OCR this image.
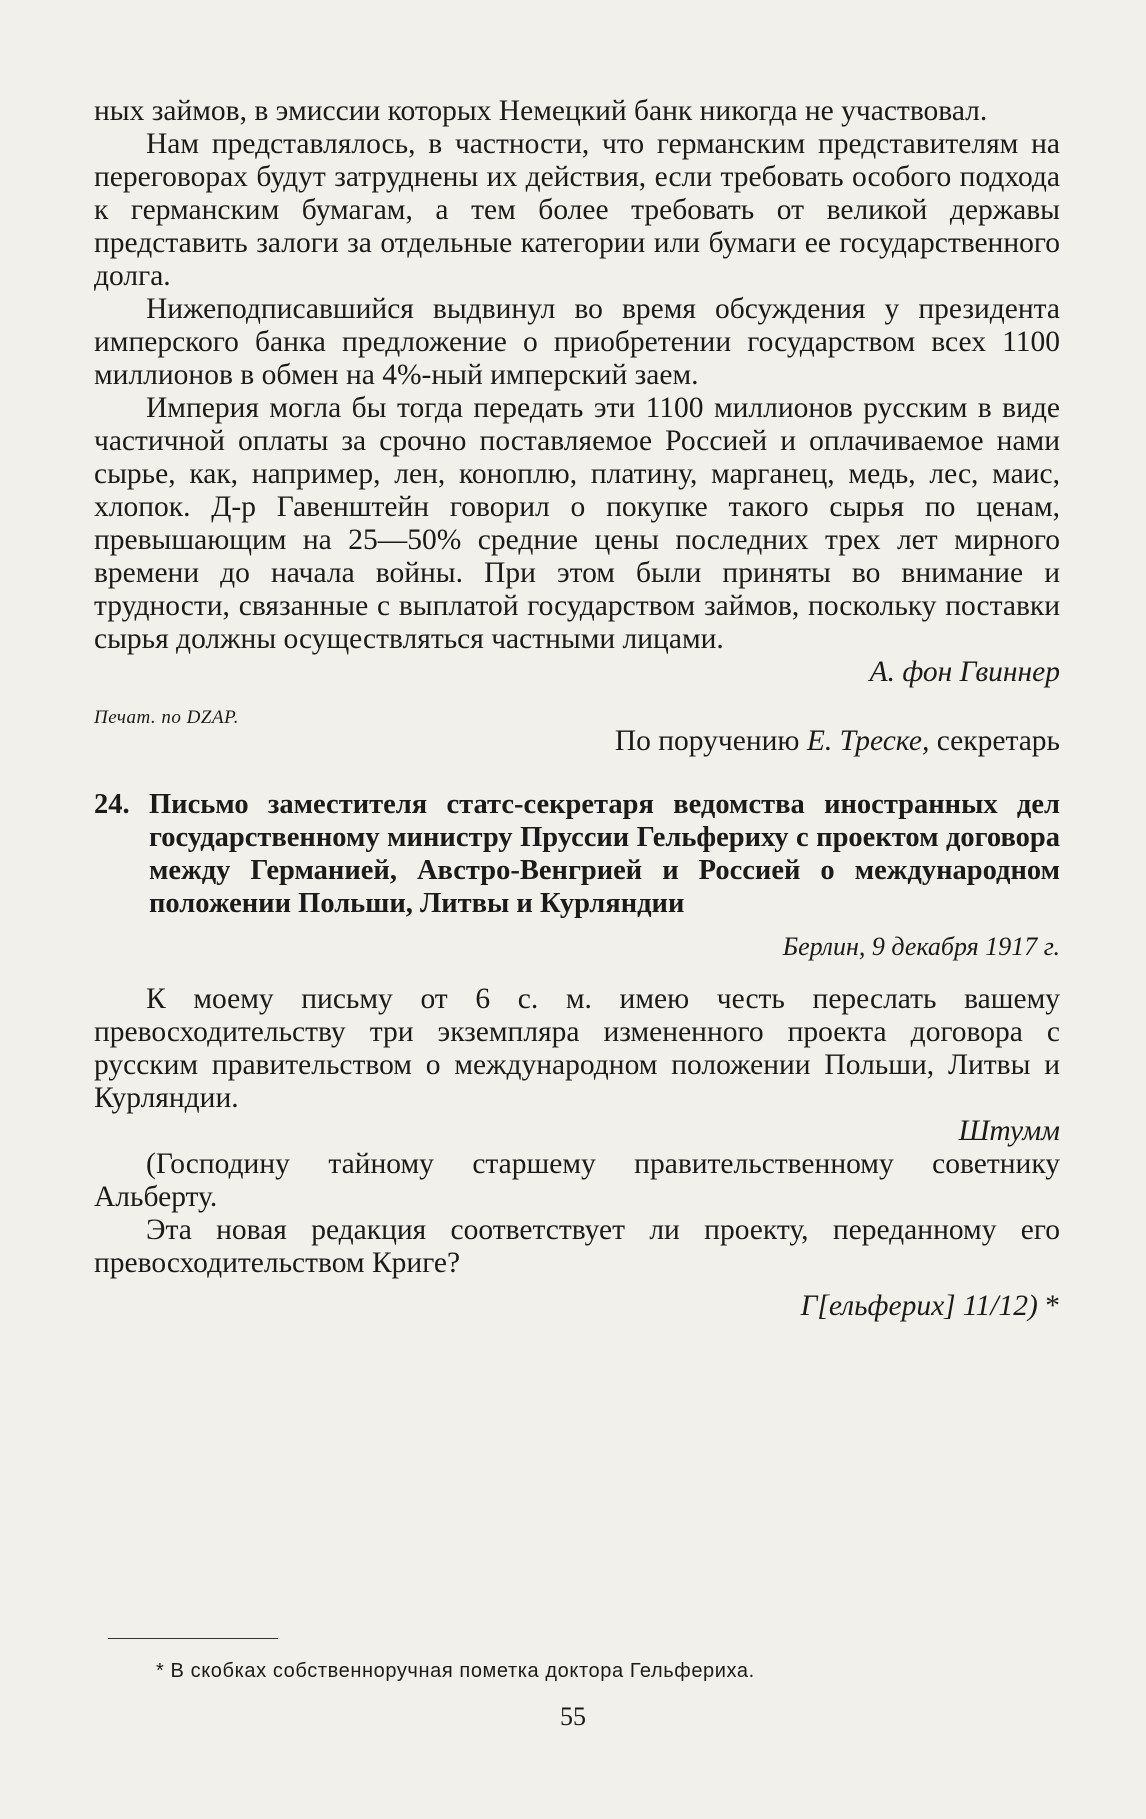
ных займов, в эмиссии которых Немецкий банк никогда не участвовал.

Нам представлялось, в частности, что германским представителям на переговорах будут затруднены их действия, если требовать особого подхода к германским бумагам, а тем более требовать от великой державы представить залоги за отдельные категории или бумаги ее государственного долга.

Нижеподписавшийся выдвинул во время обсуждения у президента имперского банка предложение о приобретении государством всех 1100 миллионов в обмен на 4%-ный имперский заем.

Империя могла бы тогда передать эти 1100 миллионов русским в виде частичной оплаты за срочно поставляемое Россией и оплачиваемое нами сырье, как, например, лен, коноплю, платину, марганец, медь, лес, маис, хлопок. Д-р Гавенштейн говорил о покупке такого сырья по ценам, превышающим на 25—50% средние цены последних трех лет мирного времени до начала войны. При этом были приняты во внимание и трудности, связанные с выплатой государством займов, поскольку поставки сырья должны осуществляться частными лицами.

А. фон Гвиннер
Печат. по DZAP.
По поручению Е. Треске, секретарь
24. Письмо заместителя статс-секретаря ведомства иностранных дел государственному министру Пруссии Гельфериху с проектом договора между Германией, Австро-Венгрией и Россией о международном положении Польши, Литвы и Курляндии
Берлин, 9 декабря 1917 г.

К моему письму от 6 с. м. имею честь переслать вашему превосходительству три экземпляра измененного проекта договора с русским правительством о международном положении Польши, Литвы и Курляндии.

Штумм

(Господину тайному старшему правительственному советнику Альберту.

Эта новая редакция соответствует ли проекту, переданному его превосходительством Криге?

Г[ельферих] 11/12) *
* В скобках собственноручная пометка доктора Гельфериха.
55
